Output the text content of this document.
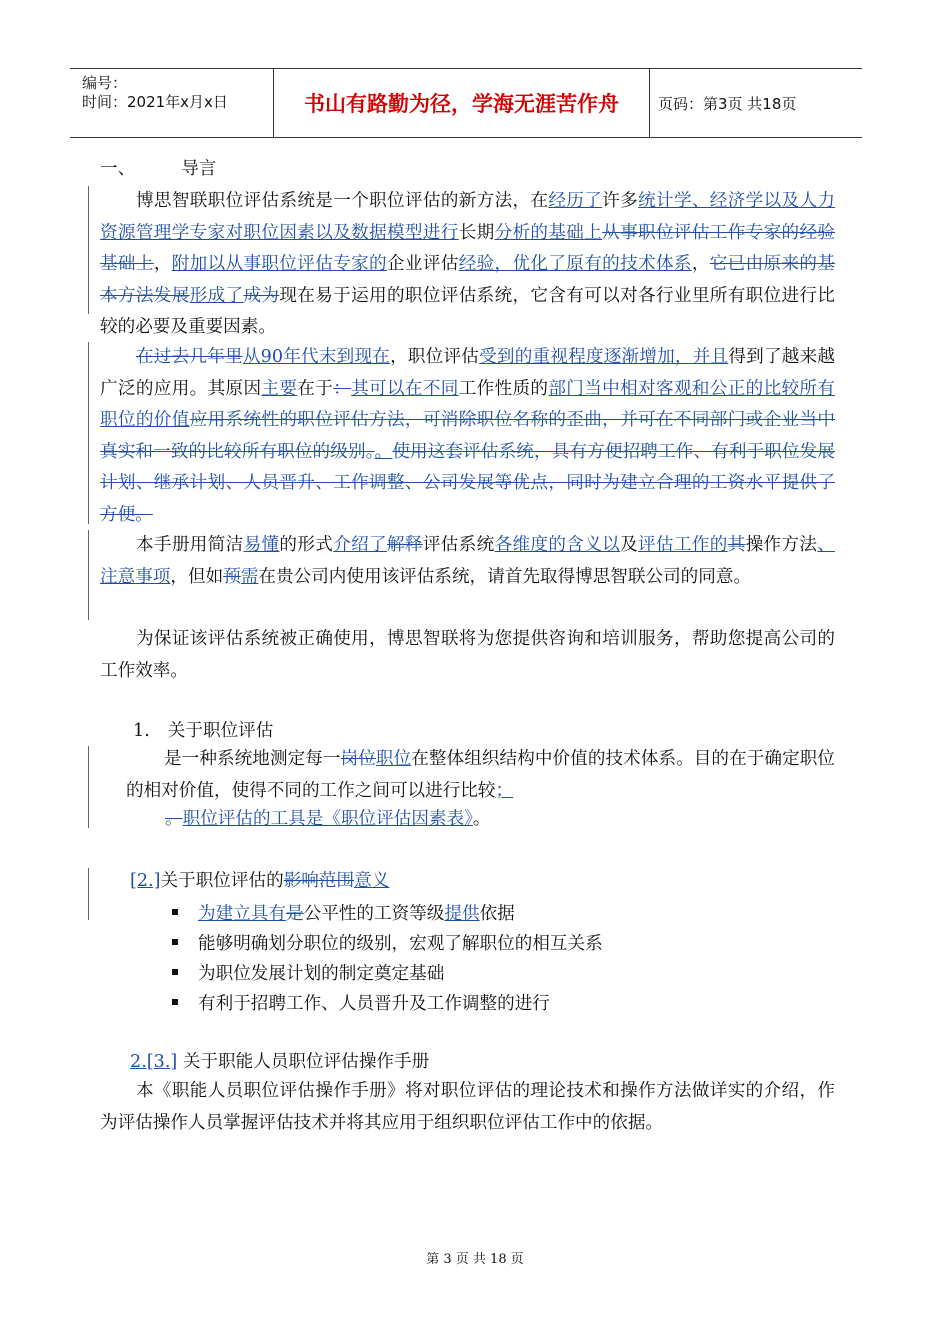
编号：
时间：2021年x月x日	书山有路勤为径，学海无涯苦作舟	页码：第3页 共18页
一、	导言
博思智联职位评估系统是一个职位评估的新方法，在经历了许多统计学、经济学以及人力资源管理学专家对职位因素以及数据模型进行长期分析的基础上从事职位评估工作专家的经验基础上，附加以从事职位评估专家的企业评估经验，优化了原有的技术体系，它已由原来的基本方法发展形成了成为现在易于运用的职位评估系统，它含有可以对各行业里所有职位进行比较的必要及重要因素。
在过去几年里从90年代末到现在，职位评估受到的重视程度逐渐增加，并且得到了越来越广泛的应用。其原因主要在于：其可以在不同工作性质的部门当中相对客观和公正的比较所有职位的价值应用系统性的职位评估方法，可消除职位名称的歪曲，并可在不同部门或企业当中真实和一致的比较所有职位的级别。。使用这套评估系统，具有方便招聘工作、有利于职位发展计划、继承计划、人员晋升、工作调整、公司发展等优点，同时为建立合理的工资水平提供了方便。
本手册用简洁易懂的形式介绍了解释评估系统各维度的含义以及评估工作的其操作方法、注意事项，但如预需在贵公司内使用该评估系统，请首先取得博思智联公司的同意。
为保证该评估系统被正确使用，博思智联将为您提供咨询和培训服务，帮助您提高公司的工作效率。
1. 关于职位评估
是一种系统地测定每一岗位职位在整体组织结构中价值的技术体系。目的在于确定职位的相对价值，使得不同的工作之间可以进行比较；
。职位评估的工具是《职位评估因素表》。
[2.]关于职位评估的影响范围意义
为建立具有是公平性的工资等级提供依据
能够明确划分职位的级别，宏观了解职位的相互关系
为职位发展计划的制定奠定基础
有利于招聘工作、人员晋升及工作调整的进行
2.[3.] 关于职能人员职位评估操作手册
本《职能人员职位评估操作手册》将对职位评估的理论技术和操作方法做详实的介绍，作为评估操作人员掌握评估技术并将其应用于组织职位评估工作中的依据。
第 3 页 共 18 页
